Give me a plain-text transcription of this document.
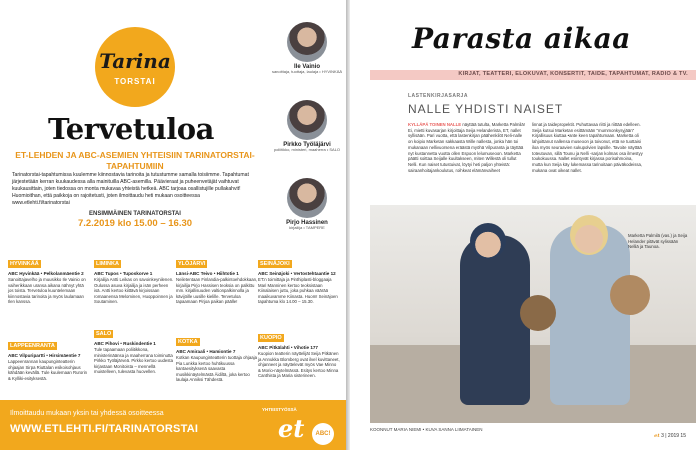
Tarina
TORSTAI
Ile Vainio
sanoittaja, tuottaja, laulaja • HYVINKÄÄ
Pirkko Työläjärvi
poliitikko, ministeri, maaherra • SALO
Pirjo Hassinen
kirjailija • TAMPERE
Tervetuloa
ET-LEHDEN JA ABC-ASEMIEN YHTEISIIN TARINATORSTAI-TAPAHTUMIIN
Tarinatorstai-tapahtumissa kuulemme kiinnostavia tarinoita ja tutustumme samalla toisiimme. Tapahtumat järjestetään kerran kuukaudessa alla mainituilla ABC-asemilla. Päävieraat ja puheenvetäjät vaihtuvat kuukausittain, joten tiedossa on monta mukavaa yhteistä hetkeä. ABC tarjoaa osallistujille pullakahvit! Huomioithan, että paikkoja on rajoitetusti, joten ilmoittaudu heti mukaan osoitteessa www.etlehti.fi/tarinatorstai
ENSIMMÄINEN TARINATORSTAI
7.2.2019 klo 15.00 – 16.30
HYVINKÄÄ
ABC Hyvinkää • Pelkolanmäentie 2
Sanoittajavelho ja muusikko Ile Vainio on vaiherikkaan uransa aikana nähnyt yhtä jos toista. Tervetuloa kuuntelemaan kiinnostavia tarinoita ja myös laulamaan Ilen kanssa.
LAPPEENRANTA
ABC Vilpuripartti • Hirsimäentie 7
Lappeenrannan kaupunginteatterin ohjaajan Sirpa Riuttalan esikoisohjaus kähdään kevällä. Tule kuulemaan Rurorin & Kylliki-esityksestä.
LIMINKA
ABC Tupos • Tuposkorve 1
Kirjailija Antti Leikas on savoinkeynilenen. Oulussa asuva kirjailija ja isän perheen isä. Antti kertoo kiittävä kirjoissaan romaanensa Melominen, Huoppoinnen ja Soutaminen.
SALO
ABC Pihovi • Ruskindentie 1
Tule tapaamaan poliitikkona, ministerinäänsa ja maaherrana toiminutta Pirkko Työläjärveä. Pirkko kertoo uudesta kirjastaan Monitoista – mennellä muistelleen, tulevasta huovellen.
YLÖJÄRVI
Länsi-ABC Teivo • Hiihtotie 1
Neiletentaan Finlandia-palkintoehdokkaan, kirjailija Pirjo Hassisen teoksia on palkittu mm. kirjallisuuden valtionpalkinnolla ja kävijöille uusille kielille. Tervetuloa tapaamaan Pirjoa paikan päälle!
KOTKA
ABC Amiraali • Hamiontie 7
Kotkan Kaupunginteatterin tuottaja ohjaaja Pia Lunkka kertoo huhtikuussa kantaesityksenä saavasta musikkinäytelmästä Äidiltä, joka kertoo laulaja Anniksi Tähdestä.
SEINÄJOKI
ABC Seinäjoki • Vertostehtaantie 12
ET:n toimittaja ja Pinthiplasti-bloggaaja Mari Manninen kertoo teoksistaan Kiinalaisen juttu, joka puhkaa väärää maaikuvamme Kiinasta. Huom! Seinäjoen tapahtuma klo 14.00 – 15.30.
KUOPIO
ABC Pitkälahti • Vihotie 177
Kuopion teatterin näyttelijät Seija Pitkänen ja Annukka Blomberg ovat ilvel kuvittaneet, ohjanneet ja näyttelevät myös Vae Minno & Morio-näytelmässä. Esitys kertoo Minna Canthista ja Maria sisterineen.
Ilmoittaudu mukaan yksin tai yhdessä osoitteessa
WWW.ETLEHTI.FI/TARINATORSTAI
YHTEISTYÖSSÄ
et	ABC!
Parasta aikaa
KIRJAT, TEATTERI, ELOKUVAT, KONSERTIT, TAIDE, TAPAHTUMAT, RADIO & TV.
LASTENKIRJASARJA
NALLE YHDISTI NAISET
KYLLÄPÄ TOINEN NALLE näyttää tutulta, Marketta Palmilä! Ei, mietti kuvasarjan kirjoittaja Seija Helanderista, ET, nallet syllisään. Pari vuotta, että lastenkirjan päähenkilöt Neli-nalle on koipio Marketan sakkaasta Wille nallesta, jonka hän toi mukanaan nellivuorsena eräästä myöhä Vilpuranta ja täyttää nyt kustannetta vuotta ollen Espoon lelumuseoon. Marketta päätti soittaa Seijalle kuultakseen, miten Willestä oli tullut Nelli. Kun naiset tutustuivat, löytyi heti paljon yhteistä: sairaanhoitajankoulutus, roihkeat elämänvaiheet
linnat ja taidepropektit. Puhuttavaa riitti ja riittää edelleen. Seija kutsui Marketan esittämään "mummonkysyjään" Kirjallisuus kiuttaa •ante keen tapahtumaan. Marketta oli lahjoittanut nallensa museoon ja toivonut, että se tuottaisi iloa myös seuraavien sukupolvien lapsille. Tavoite näyttää toteutuvan, sillä Tounu ja Nelli -sarjan kolmas osa ilmestyy toukokuussa. Nallet esiintyvät kirjassa porisahmoina, mutta kun Seija käy lukemassa tarinoitaan päiväkodeissa, mukana ovat oikeat nallet.
Marketta Palmilä (vas.) ja Seija Helander pitävät sylissään Nelliä ja Taunoa.
KOONNUT MARIA NIEMI • KUVA SANNA LIIMATAINEN
et 3 | 2019 15
